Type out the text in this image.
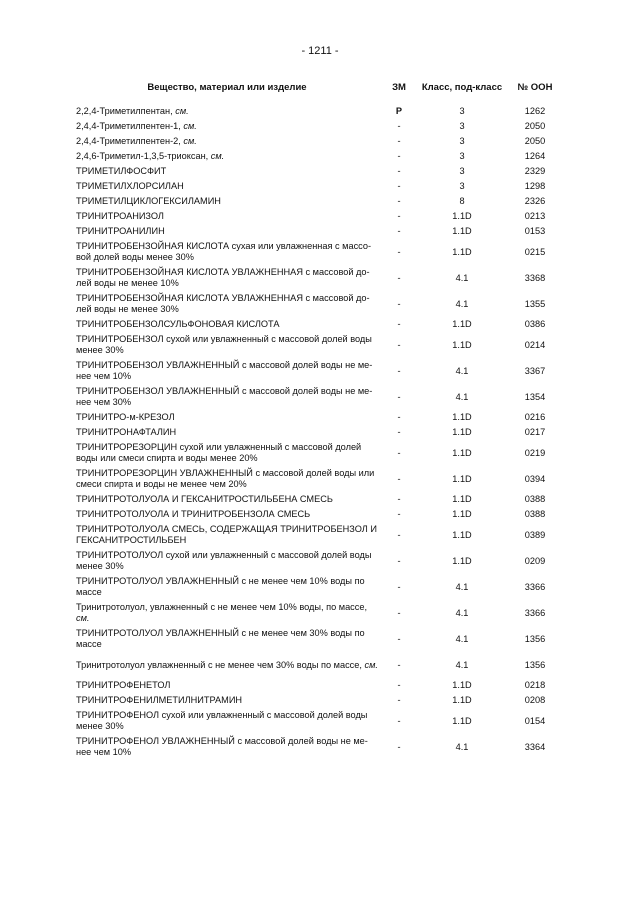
- 1211 -
Вещество, материал или изделие	ЗМ	Класс, под-класс	№ ООН
2,2,4-Триметилпентан, см.	Р	3	1262
2,4,4-Триметилпентен-1, см.	-	3	2050
2,4,4-Триметилпентен-2, см.	-	3	2050
2,4,6-Триметил-1,3,5-триоксан, см.	-	3	1264
ТРИМЕТИЛФОСФИТ	-	3	2329
ТРИМЕТИЛХЛОРСИЛАН	-	3	1298
ТРИМЕТИЛЦИКЛОГЕКСИЛАМИН	-	8	2326
ТРИНИТРОАНИЗОЛ	-	1.1D	0213
ТРИНИТРОАНИЛИН	-	1.1D	0153
ТРИНИТРОБЕНЗОЙНАЯ КИСЛОТА сухая или увлажненная с массо-вой долей воды менее 30%	-	1.1D	0215
ТРИНИТРОБЕНЗОЙНАЯ КИСЛОТА УВЛАЖНЕННАЯ с массовой до-лей воды не менее 10%	-	4.1	3368
ТРИНИТРОБЕНЗОЙНАЯ КИСЛОТА УВЛАЖНЕННАЯ с массовой до-лей воды не менее 30%	-	4.1	1355
ТРИНИТРОБЕНЗОЛСУЛЬФОНОВАЯ КИСЛОТА	-	1.1D	0386
ТРИНИТРОБЕНЗОЛ сухой или увлажненный с массовой долей воды менее 30%	-	1.1D	0214
ТРИНИТРОБЕНЗОЛ УВЛАЖНЕННЫЙ с массовой долей воды не ме-нее чем 10%	-	4.1	3367
ТРИНИТРОБЕНЗОЛ УВЛАЖНЕННЫЙ с массовой долей воды не ме-нее чем 30%	-	4.1	1354
ТРИНИТРО-м-КРЕЗОЛ	-	1.1D	0216
ТРИНИТРОНАФТАЛИН	-	1.1D	0217
ТРИНИТРОРЕЗОРЦИН сухой или увлажненный с массовой долей воды или смеси спирта и воды менее 20%	-	1.1D	0219
ТРИНИТРОРЕЗОРЦИН УВЛАЖНЕННЫЙ с массовой долей воды или смеси спирта и воды не менее чем 20%	-	1.1D	0394
ТРИНИТРОТОЛУОЛА И ГЕКСАНИТРОСТИЛЬБЕНА СМЕСЬ	-	1.1D	0388
ТРИНИТРОТОЛУОЛА И ТРИНИТРОБЕНЗОЛА СМЕСЬ	-	1.1D	0388
ТРИНИТРОТОЛУОЛА СМЕСЬ, СОДЕРЖАЩАЯ ТРИНИТРОБЕНЗОЛ И ГЕКСАНИТРОСТИЛЬБЕН	-	1.1D	0389
ТРИНИТРОТОЛУОЛ сухой или увлажненный с массовой долей воды менее 30%	-	1.1D	0209
ТРИНИТРОТОЛУОЛ УВЛАЖНЕННЫЙ с не менее чем 10% воды по массе	-	4.1	3366
Тринитротолуол, увлажненный с не менее чем 10% воды, по массе, см.	-	4.1	3366
ТРИНИТРОТОЛУОЛ УВЛАЖНЕННЫЙ с не менее чем 30% воды по массе	-	4.1	1356
Тринитротолуол увлажненный с не менее чем 30% воды по массе, см.	-	4.1	1356
ТРИНИТРОФЕНЕТОЛ	-	1.1D	0218
ТРИНИТРОФЕНИЛМЕТИЛНИТРАМИН	-	1.1D	0208
ТРИНИТРОФЕНОЛ сухой или увлажненный с массовой долей воды менее 30%	-	1.1D	0154
ТРИНИТРОФЕНОЛ УВЛАЖНЕННЫЙ с массовой долей воды не ме-нее чем 10%	-	4.1	3364
